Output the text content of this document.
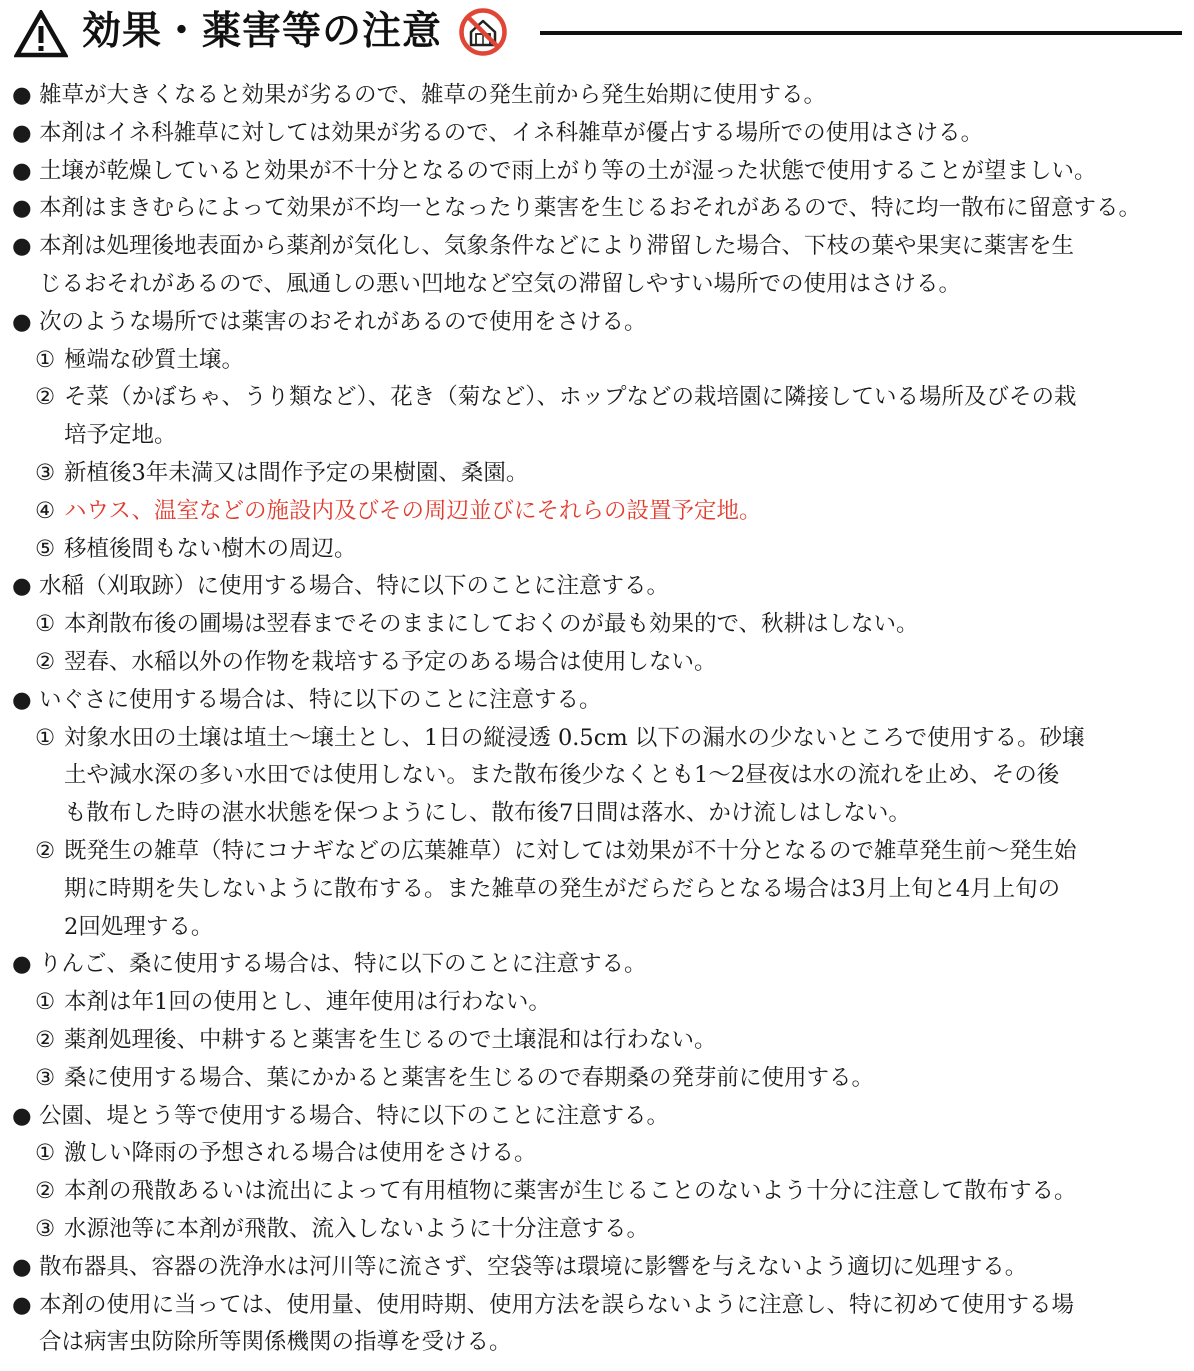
効果・薬害等の注意
● 雑草が大きくなると効果が劣るので、雑草の発生前から発生始期に使用する。
● 本剤はイネ科雑草に対しては効果が劣るので、イネ科雑草が優占する場所での使用はさける。
● 土壌が乾燥していると効果が不十分となるので雨上がり等の土が湿った状態で使用することが望ましい。
● 本剤はまきむらによって効果が不均一となったり薬害を生じるおそれがあるので、特に均一散布に留意する。
● 本剤は処理後地表面から薬剤が気化し、気象条件などにより滞留した場合、下枝の葉や果実に薬害を生
じるおそれがあるので、風通しの悪い凹地など空気の滞留しやすい場所での使用はさける。
● 次のような場所では薬害のおそれがあるので使用をさける。
① 極端な砂質土壌。
② そ菜（かぼちゃ、うり類など）、花き（菊など）、ホップなどの栽培園に隣接している場所及びその栽
培予定地。
③ 新植後3年未満又は間作予定の果樹園、桑園。
④ ハウス、温室などの施設内及びその周辺並びにそれらの設置予定地。
⑤ 移植後間もない樹木の周辺。
● 水稲（刈取跡）に使用する場合、特に以下のことに注意する。
① 本剤散布後の圃場は翌春までそのままにしておくのが最も効果的で、秋耕はしない。
② 翌春、水稲以外の作物を栽培する予定のある場合は使用しない。
● いぐさに使用する場合は、特に以下のことに注意する。
① 対象水田の土壌は埴土～壌土とし、1日の縦浸透 0.5cm 以下の漏水の少ないところで使用する。砂壌
土や減水深の多い水田では使用しない。また散布後少なくとも1～2昼夜は水の流れを止め、その後
も散布した時の湛水状態を保つようにし、散布後7日間は落水、かけ流しはしない。
② 既発生の雑草（特にコナギなどの広葉雑草）に対しては効果が不十分となるので雑草発生前～発生始
期に時期を失しないように散布する。また雑草の発生がだらだらとなる場合は3月上旬と4月上旬の
2回処理する。
● りんご、桑に使用する場合は、特に以下のことに注意する。
① 本剤は年1回の使用とし、連年使用は行わない。
② 薬剤処理後、中耕すると薬害を生じるので土壌混和は行わない。
③ 桑に使用する場合、葉にかかると薬害を生じるので春期桑の発芽前に使用する。
● 公園、堤とう等で使用する場合、特に以下のことに注意する。
① 激しい降雨の予想される場合は使用をさける。
② 本剤の飛散あるいは流出によって有用植物に薬害が生じることのないよう十分に注意して散布する。
③ 水源池等に本剤が飛散、流入しないように十分注意する。
● 散布器具、容器の洗浄水は河川等に流さず、空袋等は環境に影響を与えないよう適切に処理する。
● 本剤の使用に当っては、使用量、使用時期、使用方法を誤らないように注意し、特に初めて使用する場
合は病害虫防除所等関係機関の指導を受ける。
